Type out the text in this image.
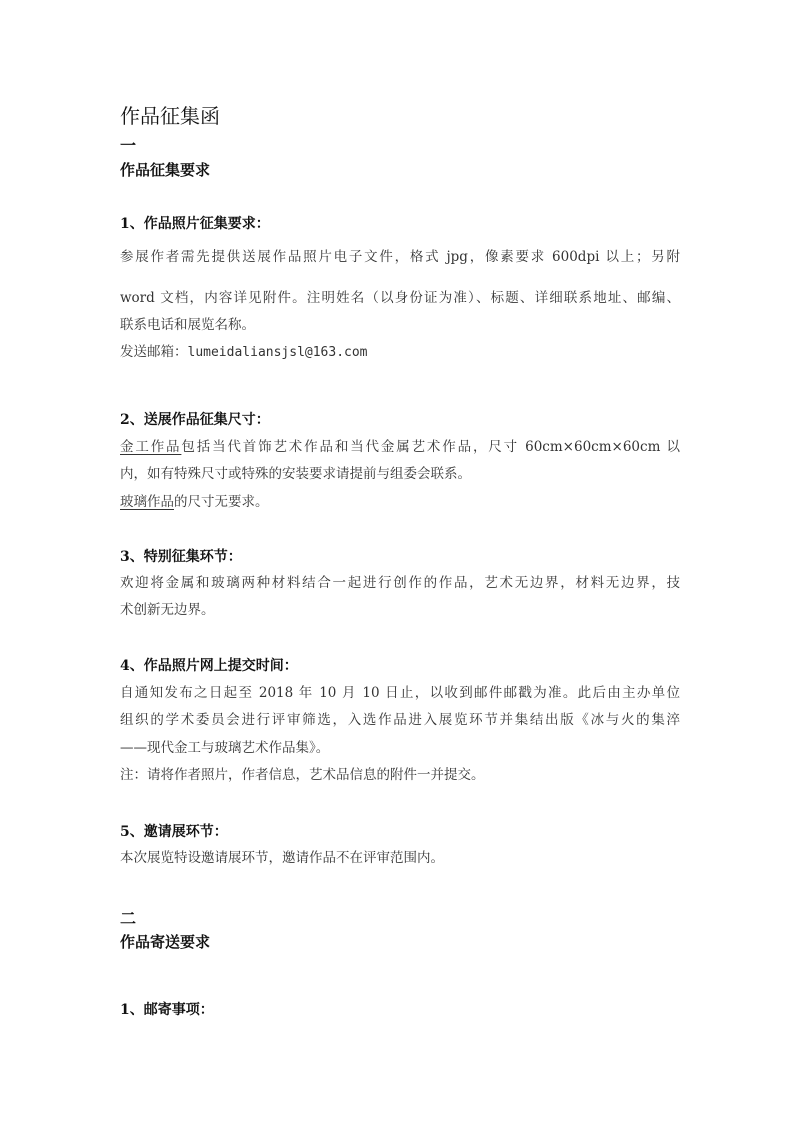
作品征集函
一
作品征集要求
1、作品照片征集要求：
参展作者需先提供送展作品照片电子文件，格式 jpg，像素要求 600dpi 以上；另附
word 文档，内容详见附件。注明姓名（以身份证为准）、标题、详细联系地址、邮编、
联系电话和展览名称。
发送邮箱：lumeidaliansjsl@163.com
2、送展作品征集尺寸：
金工作品包括当代首饰艺术作品和当代金属艺术作品，尺寸 60cm×60cm×60cm 以
内，如有特殊尺寸或特殊的安装要求请提前与组委会联系。
玻璃作品的尺寸无要求。
3、特别征集环节：
欢迎将金属和玻璃两种材料结合一起进行创作的作品，艺术无边界，材料无边界，技
术创新无边界。
4、作品照片网上提交时间：
自通知发布之日起至 2018 年 10 月 10 日止，以收到邮件邮戳为准。此后由主办单位
组织的学术委员会进行评审筛选，入选作品进入展览环节并集结出版《冰与火的集淬
——现代金工与玻璃艺术作品集》。
注：请将作者照片，作者信息，艺术品信息的附件一并提交。
5、邀请展环节：
本次展览特设邀请展环节，邀请作品不在评审范围内。
二
作品寄送要求
1、邮寄事项：
